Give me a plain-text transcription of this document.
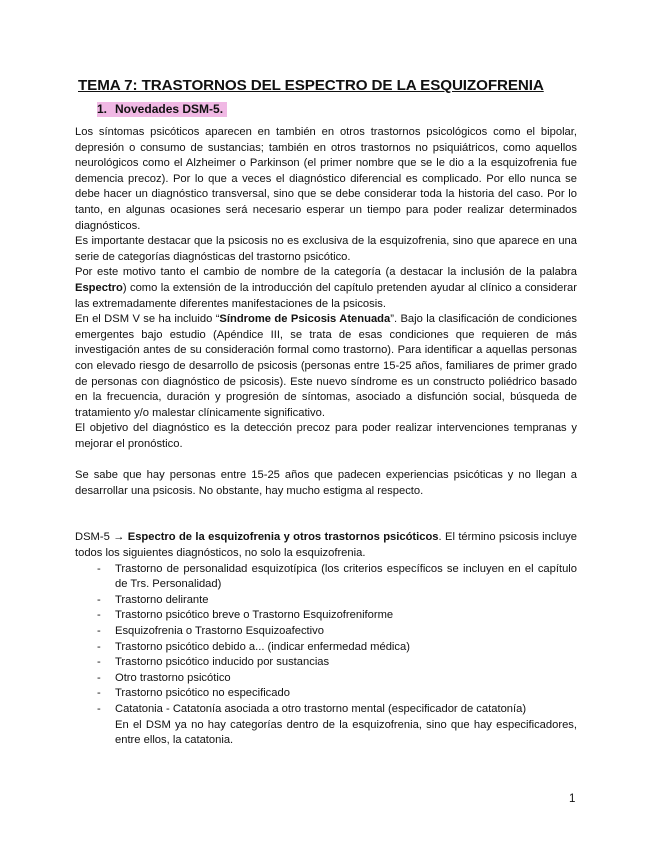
TEMA 7: TRASTORNOS DEL ESPECTRO DE LA ESQUIZOFRENIA
1. Novedades DSM-5.

Los síntomas psicóticos aparecen en también en otros trastornos psicológicos como el bipolar, depresión o consumo de sustancias; también en otros trastornos no psiquiátricos, como aquellos neurológicos como el Alzheimer o Parkinson (el primer nombre que se le dio a la esquizofrenia fue demencia precoz). Por lo que a veces el diagnóstico diferencial es complicado. Por ello nunca se debe hacer un diagnóstico transversal, sino que se debe considerar toda la historia del caso. Por lo tanto, en algunas ocasiones será necesario esperar un tiempo para poder realizar determinados diagnósticos.

Es importante destacar que la psicosis no es exclusiva de la esquizofrenia, sino que aparece en una serie de categorías diagnósticas del trastorno psicótico.

Por este motivo tanto el cambio de nombre de la categoría (a destacar la inclusión de la palabra Espectro) como la extensión de la introducción del capítulo pretenden ayudar al clínico a considerar las extremadamente diferentes manifestaciones de la psicosis.

En el DSM V se ha incluido “Síndrome de Psicosis Atenuada”. Bajo la clasificación de condiciones emergentes bajo estudio (Apéndice III, se trata de esas condiciones que requieren de más investigación antes de su consideración formal como trastorno). Para identificar a aquellas personas con elevado riesgo de desarrollo de psicosis (personas entre 15-25 años, familiares de primer grado de personas con diagnóstico de psicosis). Este nuevo síndrome es un constructo poliédrico basado en la frecuencia, duración y progresión de síntomas, asociado a disfunción social, búsqueda de tratamiento y/o malestar clínicamente significativo.

El objetivo del diagnóstico es la detección precoz para poder realizar intervenciones tempranas y mejorar el pronóstico.

Se sabe que hay personas entre 15-25 años que padecen experiencias psicóticas y no llegan a desarrollar una psicosis. No obstante, hay mucho estigma al respecto.

DSM-5 → Espectro de la esquizofrenia y otros trastornos psicóticos. El término psicosis incluye todos los siguientes diagnósticos, no solo la esquizofrenia.

- Trastorno de personalidad esquizotípica (los criterios específicos se incluyen en el capítulo de Trs. Personalidad)
- Trastorno delirante
- Trastorno psicótico breve o Trastorno Esquizofreniforme
- Esquizofrenia o Trastorno Esquizoafectivo
- Trastorno psicótico debido a... (indicar enfermedad médica)
- Trastorno psicótico inducido por sustancias
- Otro trastorno psicótico
- Trastorno psicótico no especificado
- Catatonia - Catatonía asociada a otro trastorno mental (especificador de catatonía)
En el DSM ya no hay categorías dentro de la esquizofrenia, sino que hay especificadores, entre ellos, la catatonia.
1
